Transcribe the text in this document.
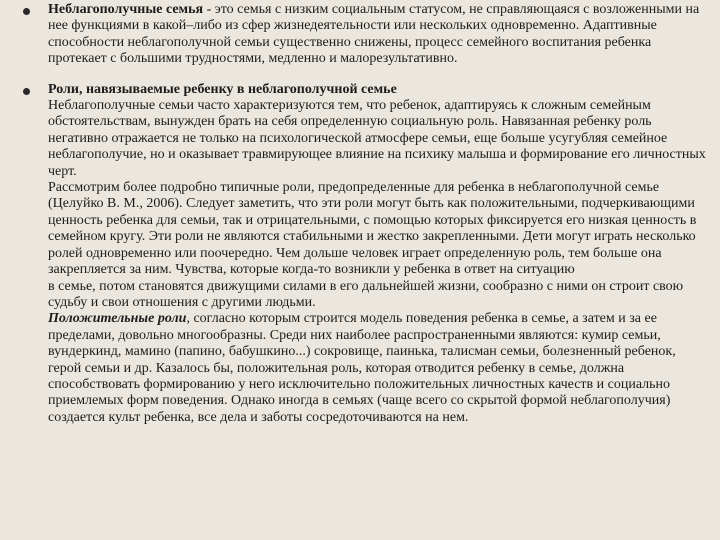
Неблагополучные семья - это семья с низким социальным статусом, не справляющаяся с возложенными на нее функциями в какой–либо из сфер жизнедеятельности или нескольких одновременно. Адаптивные способности неблагополучной семьи существенно снижены, процесс семейного воспитания ребенка протекает с большими трудностями, медленно и малорезультативно.

Роли, навязываемые ребенку в неблагополучной семье

Неблагополучные семьи часто характеризуются тем, что ребенок, адаптируясь к сложным семейным обстоятельствам, вынужден брать на себя определенную социальную роль. Навязанная ребенку роль негативно отражается не только на психологической атмосфере семьи, еще больше усугубляя семейное неблагополучие, но и оказывает травмирующее влияние на психику малыша и формирование его личностных черт.

Рассмотрим более подробно типичные роли, предопределенные для ребенка в неблагополучной семье (Целуйко В. М., 2006). Следует заметить, что эти роли могут быть как положительными, подчеркивающими ценность ребенка для семьи, так и отрицательными, с помощью которых фиксируется его низкая ценность в семейном кругу. Эти роли не являются стабильными и жестко закрепленными. Дети могут играть несколько ролей одновременно или поочередно. Чем дольше человек играет определенную роль, тем больше она закрепляется за ним. Чувства, которые когда-то возникли у ребенка в ответ на ситуацию

в семье, потом становятся движущими силами в его дальнейшей жизни, сообразно с ними он строит свою судьбу и свои отношения с другими людьми.

Положительные роли, согласно которым строится модель поведения ребенка в семье, а затем и за ее пределами, довольно многообразны. Среди них наиболее распространенными являются: кумир семьи, вундеркинд, мамино (папино, бабушкино...) сокровище, паинька, талисман семьи, болезненный ребенок, герой семьи и др. Казалось бы, положительная роль, которая отводится ребенку в семье, должна способствовать формированию у него исключительно положительных личностных качеств и социально приемлемых форм поведения. Однако иногда в семьях (чаще всего со скрытой формой неблагополучия) создается культ ребенка, все дела и заботы сосредоточиваются на нем.
